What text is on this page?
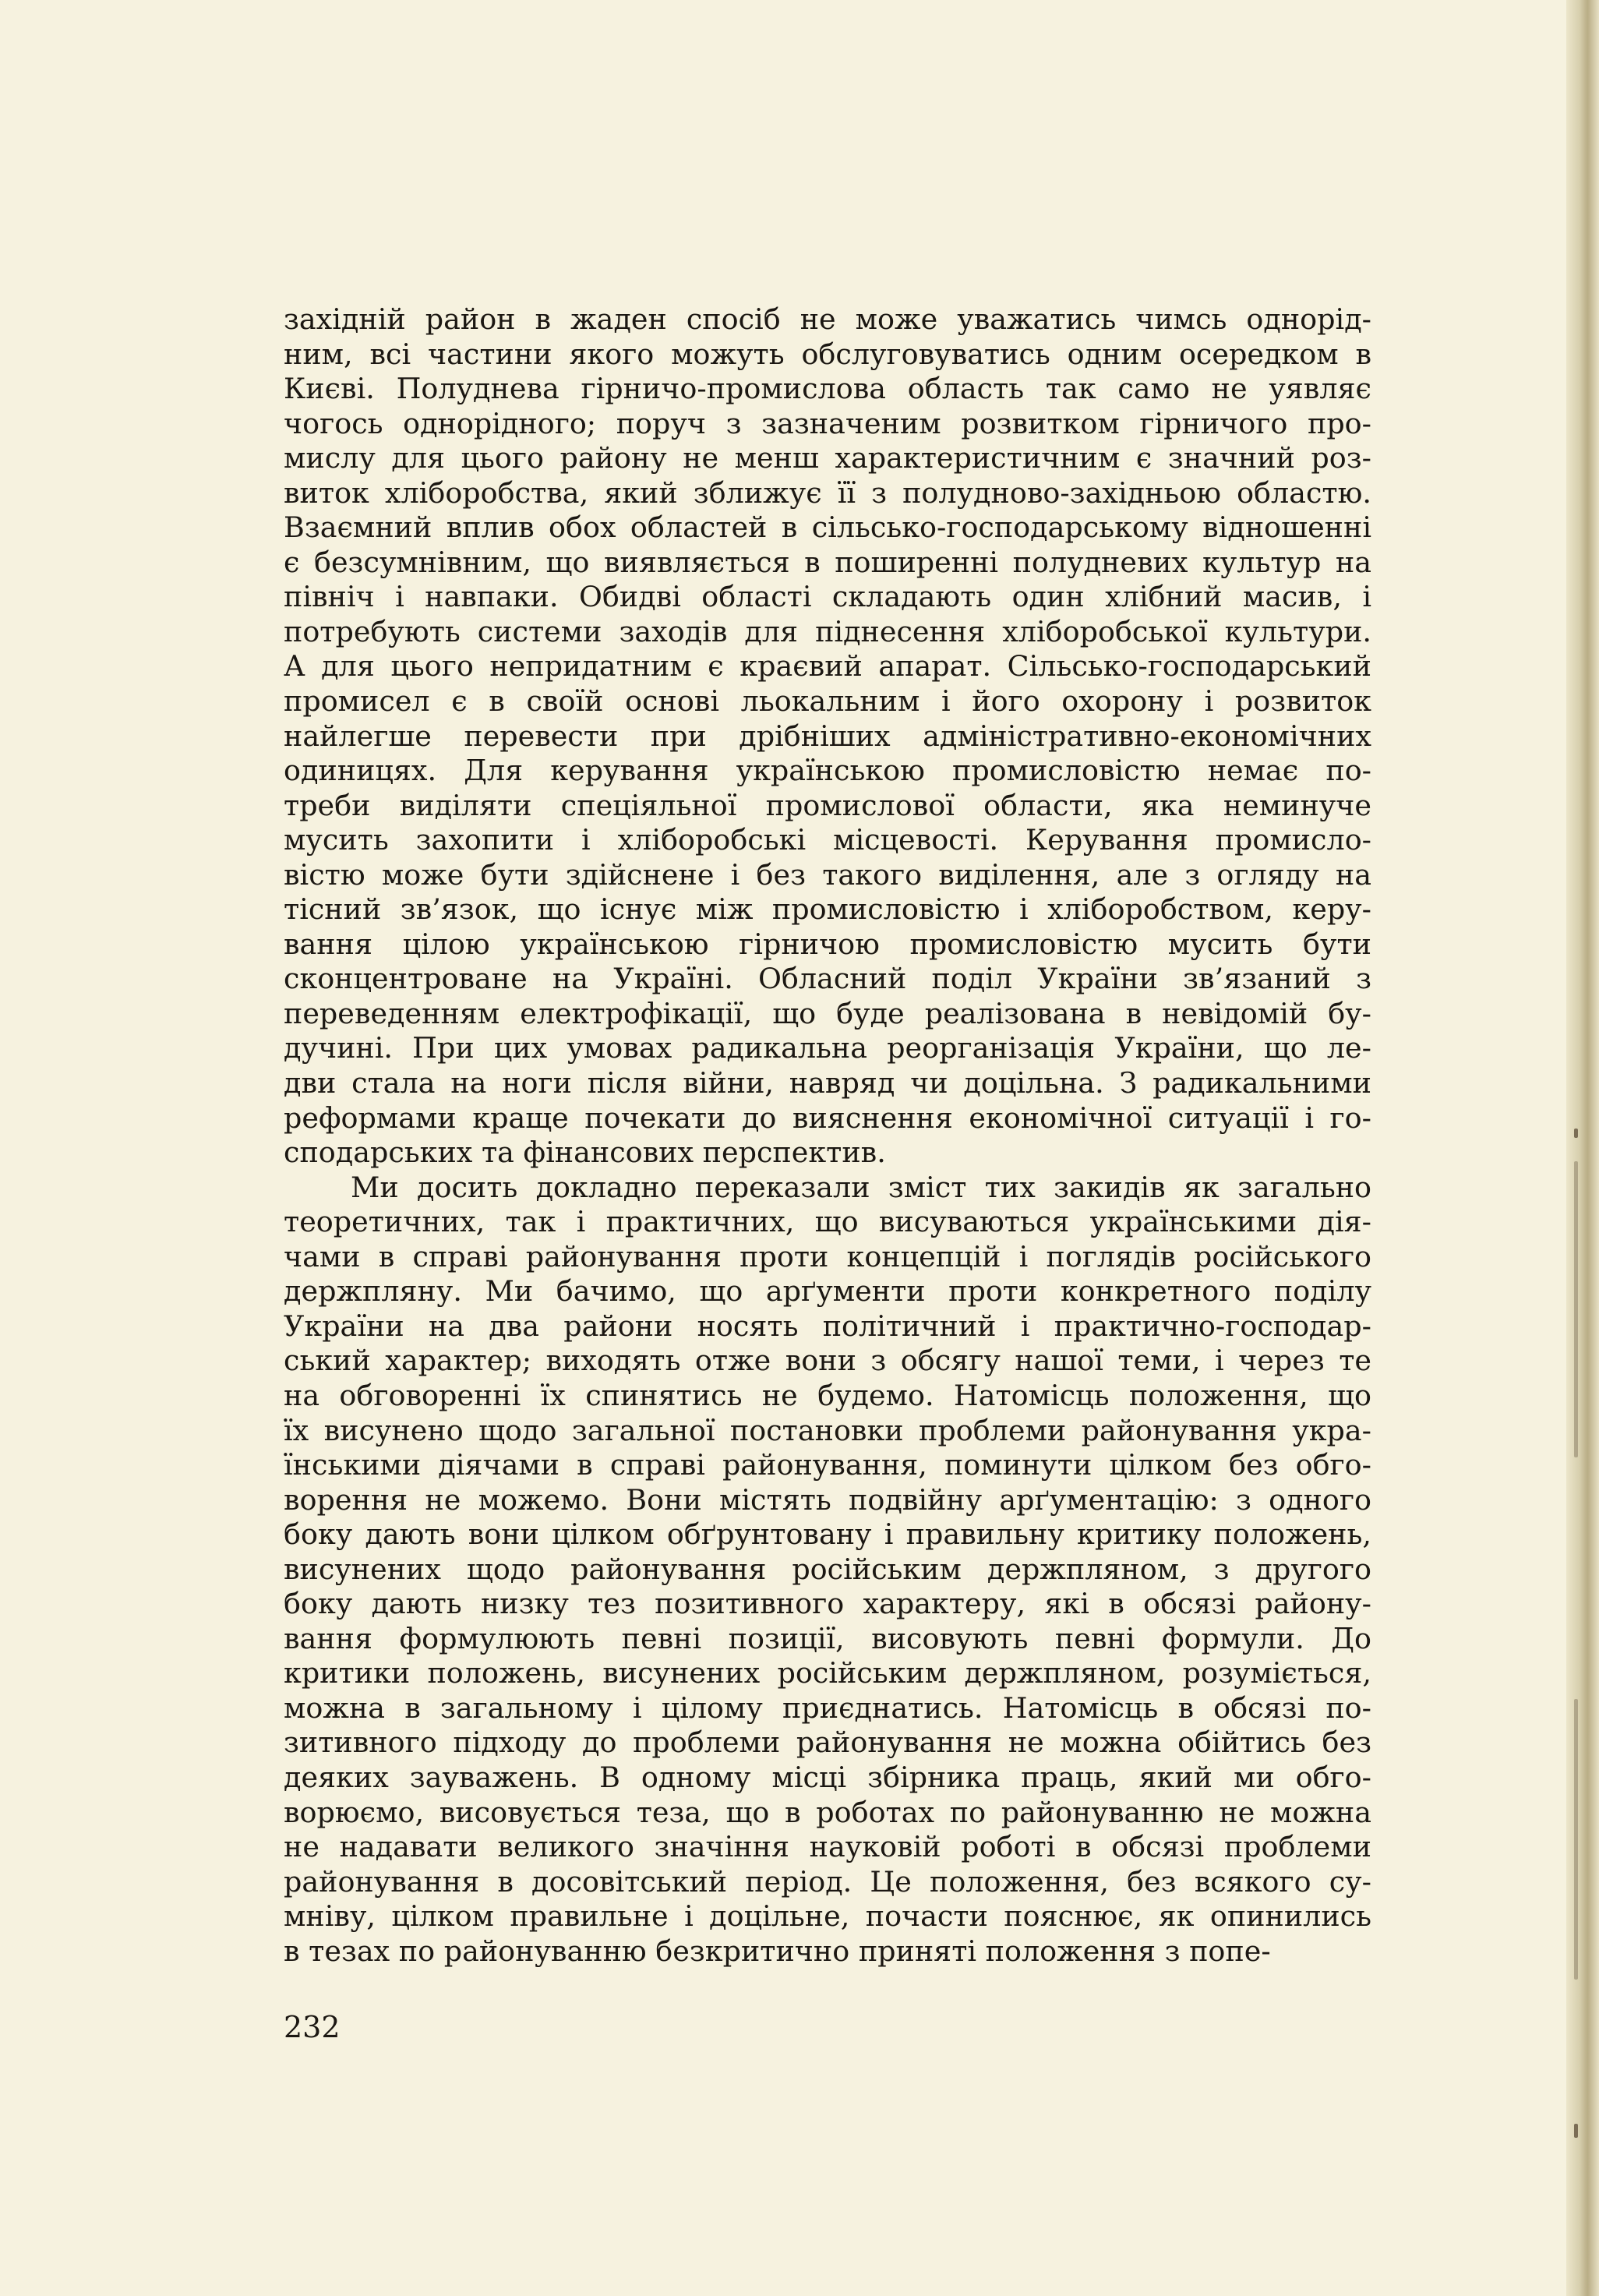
західній район в жаден спосіб не може уважатись чимсь однорід-
ним, всі частини якого можуть обслуговуватись одним осередком в
Києві. Полуднева гірничо-промислова область так само не уявляє
чогось однорідного; поруч з зазначеним розвитком гірничого про-
мислу для цього району не менш характеристичним є значний роз-
виток хліборобства, який зближує її з полудново-західньою областю.
Взаємний вплив обох областей в сільсько-господарському відношенні
є безсумнівним, що виявляється в поширенні полудневих культур на
північ і навпаки. Обидві області складають один хлібний масив, і
потребують системи заходів для піднесення хліборобської культури.
А для цього непридатним є краєвий апарат. Сільсько-господарський
промисел є в своїй основі льокальним і його охорону і розвиток
найлегше перевести при дрібніших адміністративно-економічних
одиницях. Для керування українською промисловістю немає по-
треби виділяти спеціяльної промислової области, яка неминуче
мусить захопити і хліборобські місцевості. Керування промисло-
вістю може бути здійснене і без такого виділення, але з огляду на
тісний зв’язок, що існує між промисловістю і хліборобством, керу-
вання цілою українською гірничою промисловістю мусить бути
сконцентроване на Україні. Обласний поділ України зв’язаний з
переведенням електрофікації, що буде реалізована в невідомій бу-
дучині. При цих умовах радикальна реорганізація України, що ле-
дви стала на ноги після війни, навряд чи доцільна. З радикальними
реформами краще почекати до вияснення економічної ситуації і го-
сподарських та фінансових перспектив.
Ми досить докладно переказали зміст тих закидів як загально
теоретичних, так і практичних, що висуваються українськими дія-
чами в справі районування проти концепцій і поглядів російського
держпляну. Ми бачимо, що арґументи проти конкретного поділу
України на два райони носять політичний і практично-господар-
ський характер; виходять отже вони з обсягу нашої теми, і через те
на обговоренні їх спинятись не будемо. Натомісць положення, що
їх висунено щодо загальної постановки проблеми районування укра-
їнськими діячами в справі районування, поминути цілком без обго-
ворення не можемо. Вони містять подвійну арґументацію: з одного
боку дають вони цілком обґрунтовану і правильну критику положень,
висунених щодо районування російським держпляном, з другого
боку дають низку тез позитивного характеру, які в обсязі району-
вання формулюють певні позиції, висовують певні формули. До
критики положень, висунених російським держпляном, розуміється,
можна в загальному і цілому приєднатись. Натомісць в обсязі по-
зитивного підходу до проблеми районування не можна обійтись без
деяких зауважень. В одному місці збірника праць, який ми обго-
ворюємо, висовується теза, що в роботах по районуванню не можна
не надавати великого значіння науковій роботі в обсязі проблеми
районування в досовітський період. Це положення, без всякого су-
мніву, цілком правильне і доцільне, почасти пояснює, як опинились
в тезах по районуванню безкритично приняті положення з попе-
232
